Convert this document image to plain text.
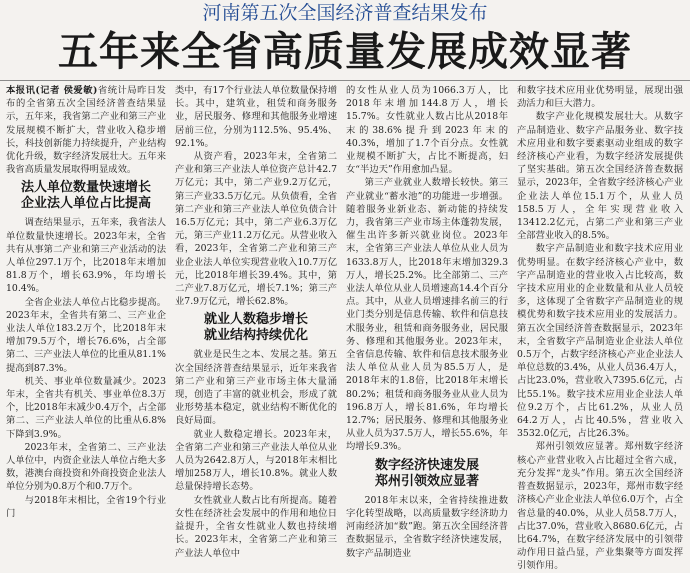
河南第五次全国经济普查结果发布
五年来全省高质量发展成效显著

本报讯(记者 侯爱敏)省统计局昨日发布的全省第五次全国经济普查结果显示，五年来，我省第二产业和第三产业发展规模不断扩大，营业收入稳步增长，科技创新能力持续提升，产业结构优化升级，数字经济发展壮大。五年来我省高质量发展取得明显成效。

法人单位数量快速增长
企业法人单位占比提高

调查结果显示，五年来，我省法人单位数量快速增长。2023年末，全省共有从事第二产业和第三产业活动的法人单位297.1万个，比2018年末增加81.8万个，增长63.9%，年均增长10.4%。

全省企业法人单位占比稳步提高。2023年末，全省共有第二、三产业企业法人单位183.2万个，比2018年末增加79.5万个，增长76.6%，占全部第二、三产业法人单位的比重从81.1%提高到87.3%。

机关、事业单位数量减少。2023年末，全省共有机关、事业单位8.3万个，比2018年末减少0.4万个，占全部第二、三产业法人单位的比重从6.8%下降到3.9%。

2023年末，全省第二、三产业法人单位中，内资企业法人单位占绝大多数，港澳台商投资和外商投资企业法人单位分别为0.8万个和0.7万个。

与2018年末相比，全省19个行业门

类中，有17个行业法人单位数量保持增长。其中，建筑业，租赁和商务服务业，居民服务、修理和其他服务业增速居前三位，分别为112.5%、95.4%、92.1%。

从资产看，2023年末，全省第二产业和第三产业法人单位资产总计42.7万亿元；其中，第二产业9.2万亿元，第三产业33.5万亿元。从负债看，全省第二产业和第三产业法人单位负债合计16.5万亿元；其中，第二产业6.3万亿元，第三产业11.2万亿元。从营业收入看，2023年，全省第二产业和第三产业企业法人单位实现营业收入10.7万亿元，比2018年增长39.4%。其中，第二产业7.8万亿元，增长7.1%；第三产业7.9万亿元，增长62.8%。

就业人数稳步增长
就业结构持续优化

就业是民生之本、发展之基。第五次全国经济普查结果显示，近年来我省第二产业和第三产业市场主体大量涌现，创造了丰富的就业机会，形成了就业形势基本稳定，就业结构不断优化的良好局面。

就业人数稳定增长。2023年末，全省第二产业和第三产业法人单位从业人员为2642.8万人，与2018年末相比增加258万人，增长10.8%。就业人数总量保持增长态势。

女性就业人数占比有所提高。随着女性在经济社会发展中的作用和地位日益提升，全省女性就业人数也持续增长。2023年末，全省第二产业和第三产业法人单位中

的女性从业人员为1066.3万人，比2018年末增加144.8万人，增长15.7%。女性就业人数占比从2018年末的38.6%提升到2023年末的40.3%，增加了1.7个百分点。女性就业规模不断扩大，占比不断提高，妇女“半边天”作用愈加凸显。

第三产业就业人数增长较快。第三产业就业“蓄水池”的功能进一步增强。随着服务业新业态、新动能的持续发力，我省第三产业市场主体蓬勃发展，催生出许多新兴就业岗位。2023年末，全省第三产业法人单位从业人员为1633.8万人，比2018年末增加329.3万人，增长25.2%。比全部第二、三产业法人单位从业人员增速高14.4个百分点。其中，从业人员增速排名前三的行业门类分别是信息传输、软件和信息技术服务业，租赁和商务服务业，居民服务、修理和其他服务业。2023年末，全省信息传输、软件和信息技术服务业法人单位从业人员为85.5万人，是2018年末的1.8倍，比2018年末增长80.2%；租赁和商务服务业从业人员为196.8万人，增长81.6%，年均增长12.7%；居民服务、修理和其他服务业从业人员为37.5万人，增长55.6%，年均增长9.3%。

数字经济快速发展
郑州引领效应显著

2018年末以来，全省持续推进数字化转型战略，以高质量数字经济助力河南经济加“数”跑。第五次全国经济普查数据显示，全省数字经济快速发展，数字产品制造业

和数字技术应用业优势明显，展现出强劲活力和巨大潜力。

数字产业化规模发展壮大。从数字产品制造业、数字产品服务业、数字技术应用业和数字要素驱动业组成的数字经济核心产业看，为数字经济发展提供了坚实基础。第五次全国经济普查数据显示，2023年，全省数字经济核心产业企业法人单位15.1万个，从业人员158.5万人，全年实现营业收入13412.2亿元，占第二产业和第三产业全部营业收入的8.5%。

数字产品制造业和数字技术应用业优势明显。在数字经济核心产业中，数字产品制造业的营业收入占比较高，数字技术应用业的企业数量和从业人员较多，这体现了全省数字产品制造业的规模优势和数字技术应用业的发展活力。第五次全国经济普查数据显示，2023年末，全省数字产品制造业企业法人单位0.5万个，占数字经济核心产业企业法人单位总数的3.4%，从业人员36.4万人，占比23.0%，营业收入7395.6亿元，占比55.1%。数字技术应用业企业法人单位9.2万个，占比61.2%，从业人员64.2万人，占比40.5%，营业收入3532.0亿元，占比26.3%。

郑州引领效应显著。郑州数字经济核心产业营业收入占比超过全省六成，充分发挥“龙头”作用。第五次全国经济普查数据显示，2023年，郑州市数字经济核心产业企业法人单位6.0万个，占全省总量的40.0%，从业人员58.7万人，占比37.0%，营业收入8680.6亿元，占比64.7%，在数字经济发展中的引领带动作用日益凸显，产业集聚等方面发挥引领作用。
